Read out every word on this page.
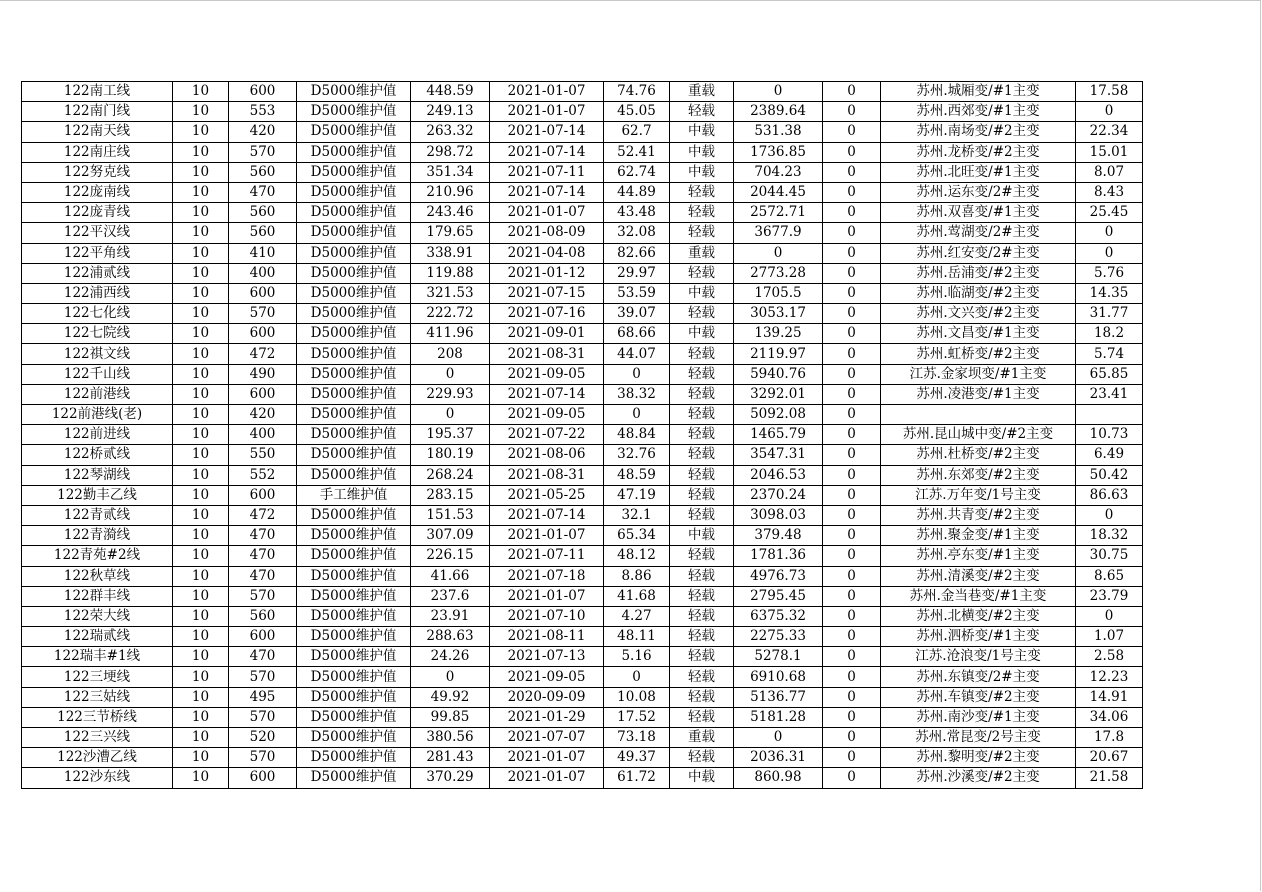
122南工线	10	600	D5000维护值	448.59	2021-01-07	74.76	重载	0	0	苏州.城厢变/#1主变	17.58
122南门线	10	553	D5000维护值	249.13	2021-01-07	45.05	轻载	2389.64	0	苏州.西郊变/#1主变	0
122南天线	10	420	D5000维护值	263.32	2021-07-14	62.7	中载	531.38	0	苏州.南场变/#2主变	22.34
122南庄线	10	570	D5000维护值	298.72	2021-07-14	52.41	中载	1736.85	0	苏州.龙桥变/#2主变	15.01
122努克线	10	560	D5000维护值	351.34	2021-07-11	62.74	中载	704.23	0	苏州.北旺变/#1主变	8.07
122庞南线	10	470	D5000维护值	210.96	2021-07-14	44.89	轻载	2044.45	0	苏州.运东变/2#主变	8.43
122庞青线	10	560	D5000维护值	243.46	2021-01-07	43.48	轻载	2572.71	0	苏州.双喜变/#1主变	25.45
122平汉线	10	560	D5000维护值	179.65	2021-08-09	32.08	轻载	3677.9	0	苏州.莺湖变/2#主变	0
122平角线	10	410	D5000维护值	338.91	2021-04-08	82.66	重载	0	0	苏州.红安变/2#主变	0
122浦贰线	10	400	D5000维护值	119.88	2021-01-12	29.97	轻载	2773.28	0	苏州.岳浦变/#2主变	5.76
122浦西线	10	600	D5000维护值	321.53	2021-07-15	53.59	中载	1705.5	0	苏州.临湖变/#2主变	14.35
122七化线	10	570	D5000维护值	222.72	2021-07-16	39.07	轻载	3053.17	0	苏州.文兴变/#2主变	31.77
122七院线	10	600	D5000维护值	411.96	2021-09-01	68.66	中载	139.25	0	苏州.文昌变/#1主变	18.2
122祺文线	10	472	D5000维护值	208	2021-08-31	44.07	轻载	2119.97	0	苏州.虹桥变/#2主变	5.74
122千山线	10	490	D5000维护值	0	2021-09-05	0	轻载	5940.76	0	江苏.金家坝变/#1主变	65.85
122前港线	10	600	D5000维护值	229.93	2021-07-14	38.32	轻载	3292.01	0	苏州.凌港变/#1主变	23.41
122前港线(老)	10	420	D5000维护值	0	2021-09-05	0	轻载	5092.08	0		
122前进线	10	400	D5000维护值	195.37	2021-07-22	48.84	轻载	1465.79	0	苏州.昆山城中变/#2主变	10.73
122桥贰线	10	550	D5000维护值	180.19	2021-08-06	32.76	轻载	3547.31	0	苏州.杜桥变/#2主变	6.49
122琴湖线	10	552	D5000维护值	268.24	2021-08-31	48.59	轻载	2046.53	0	苏州.东郊变/#2主变	50.42
122勤丰乙线	10	600	手工维护值	283.15	2021-05-25	47.19	轻载	2370.24	0	江苏.万年变/1号主变	86.63
122青贰线	10	472	D5000维护值	151.53	2021-07-14	32.1	轻载	3098.03	0	苏州.共青变/#2主变	0
122青漪线	10	470	D5000维护值	307.09	2021-01-07	65.34	中载	379.48	0	苏州.聚金变/#1主变	18.32
122青苑#2线	10	470	D5000维护值	226.15	2021-07-11	48.12	轻载	1781.36	0	苏州.亭东变/#1主变	30.75
122秋草线	10	470	D5000维护值	41.66	2021-07-18	8.86	轻载	4976.73	0	苏州.清溪变/#2主变	8.65
122群丰线	10	570	D5000维护值	237.6	2021-01-07	41.68	轻载	2795.45	0	苏州.金当巷变/#1主变	23.79
122荣大线	10	560	D5000维护值	23.91	2021-07-10	4.27	轻载	6375.32	0	苏州.北横变/#2主变	0
122瑞贰线	10	600	D5000维护值	288.63	2021-08-11	48.11	轻载	2275.33	0	苏州.泗桥变/#1主变	1.07
122瑞丰#1线	10	470	D5000维护值	24.26	2021-07-13	5.16	轻载	5278.1	0	江苏.沧浪变/1号主变	2.58
122三埂线	10	570	D5000维护值	0	2021-09-05	0	轻载	6910.68	0	苏州.东镇变/2#主变	12.23
122三姑线	10	495	D5000维护值	49.92	2020-09-09	10.08	轻载	5136.77	0	苏州.车镇变/#2主变	14.91
122三节桥线	10	570	D5000维护值	99.85	2021-01-29	17.52	轻载	5181.28	0	苏州.南沙变/#1主变	34.06
122三兴线	10	520	D5000维护值	380.56	2021-07-07	73.18	重载	0	0	苏州.常昆变/2号主变	17.8
122沙漕乙线	10	570	D5000维护值	281.43	2021-01-07	49.37	轻载	2036.31	0	苏州.黎明变/#2主变	20.67
122沙东线	10	600	D5000维护值	370.29	2021-01-07	61.72	中载	860.98	0	苏州.沙溪变/#2主变	21.58
